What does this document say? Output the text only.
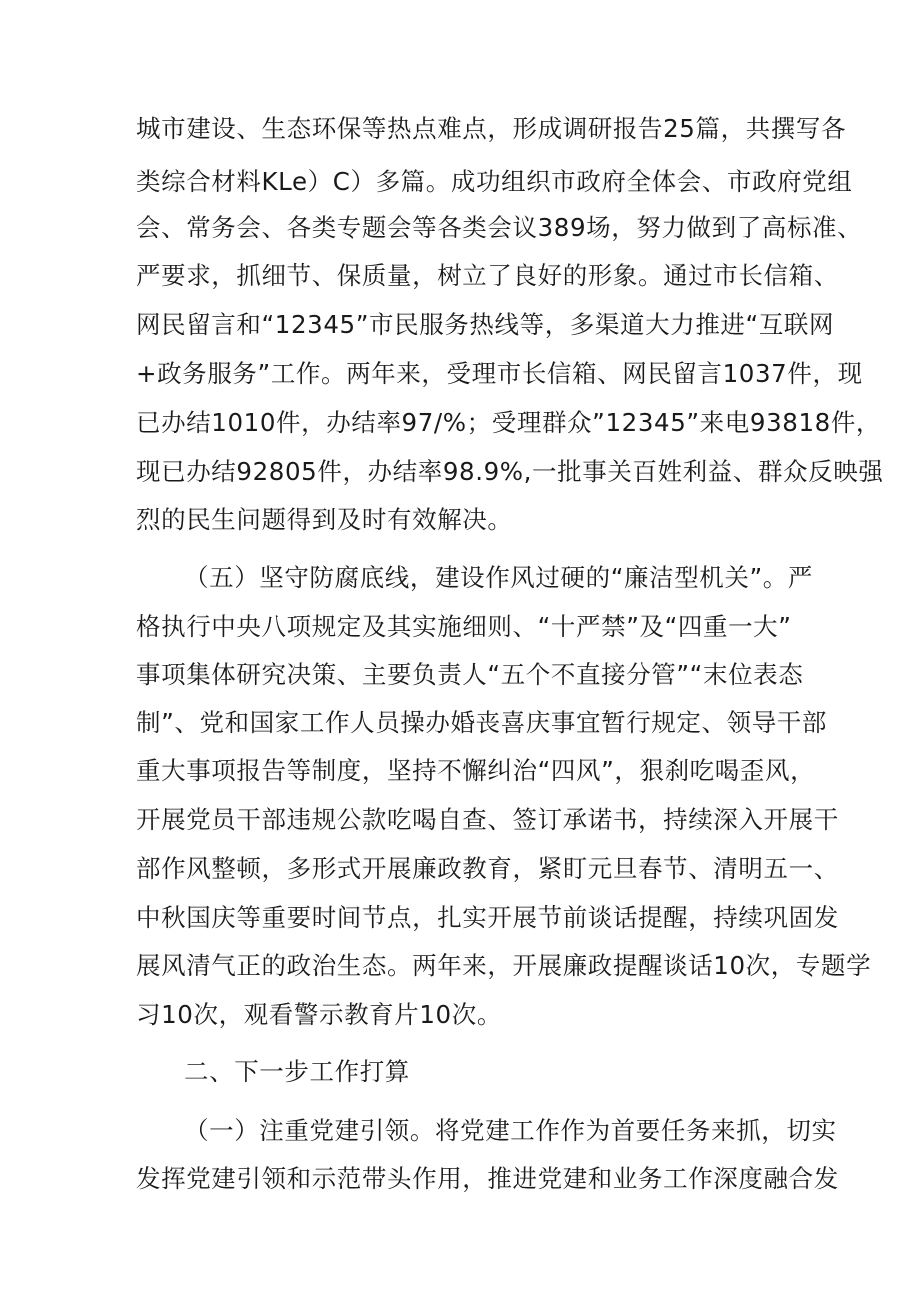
城市建设、生态环保等热点难点，形成调研报告25篇，共撰写各
类综合材料KLe）C）多篇。成功组织市政府全体会、市政府党组
会、常务会、各类专题会等各类会议389场，努力做到了高标准、
严要求，抓细节、保质量，树立了良好的形象。通过市长信箱、
网民留言和“12345”市民服务热线等，多渠道大力推进“互联网
+政务服务”工作。两年来，受理市长信箱、网民留言1037件，现
已办结1010件，办结率97/%；受理群众”12345”来电93818件，
现已办结92805件，办结率98.9%,一批事关百姓利益、群众反映强
烈的民生问题得到及时有效解决。
（五）坚守防腐底线，建设作风过硬的“廉洁型机关”。严
格执行中央八项规定及其实施细则、“十严禁”及“四重一大”
事项集体研究决策、主要负责人“五个不直接分管”“末位表态
制”、党和国家工作人员操办婚丧喜庆事宜暂行规定、领导干部
重大事项报告等制度，坚持不懈纠治“四风”，狠刹吃喝歪风，
开展党员干部违规公款吃喝自查、签订承诺书，持续深入开展干
部作风整顿，多形式开展廉政教育，紧盯元旦春节、清明五一、
中秋国庆等重要时间节点，扎实开展节前谈话提醒，持续巩固发
展风清气正的政治生态。两年来，开展廉政提醒谈话10次，专题学
习10次，观看警示教育片10次。
二、下一步工作打算
（一）注重党建引领。将党建工作作为首要任务来抓，切实
发挥党建引领和示范带头作用，推进党建和业务工作深度融合发
